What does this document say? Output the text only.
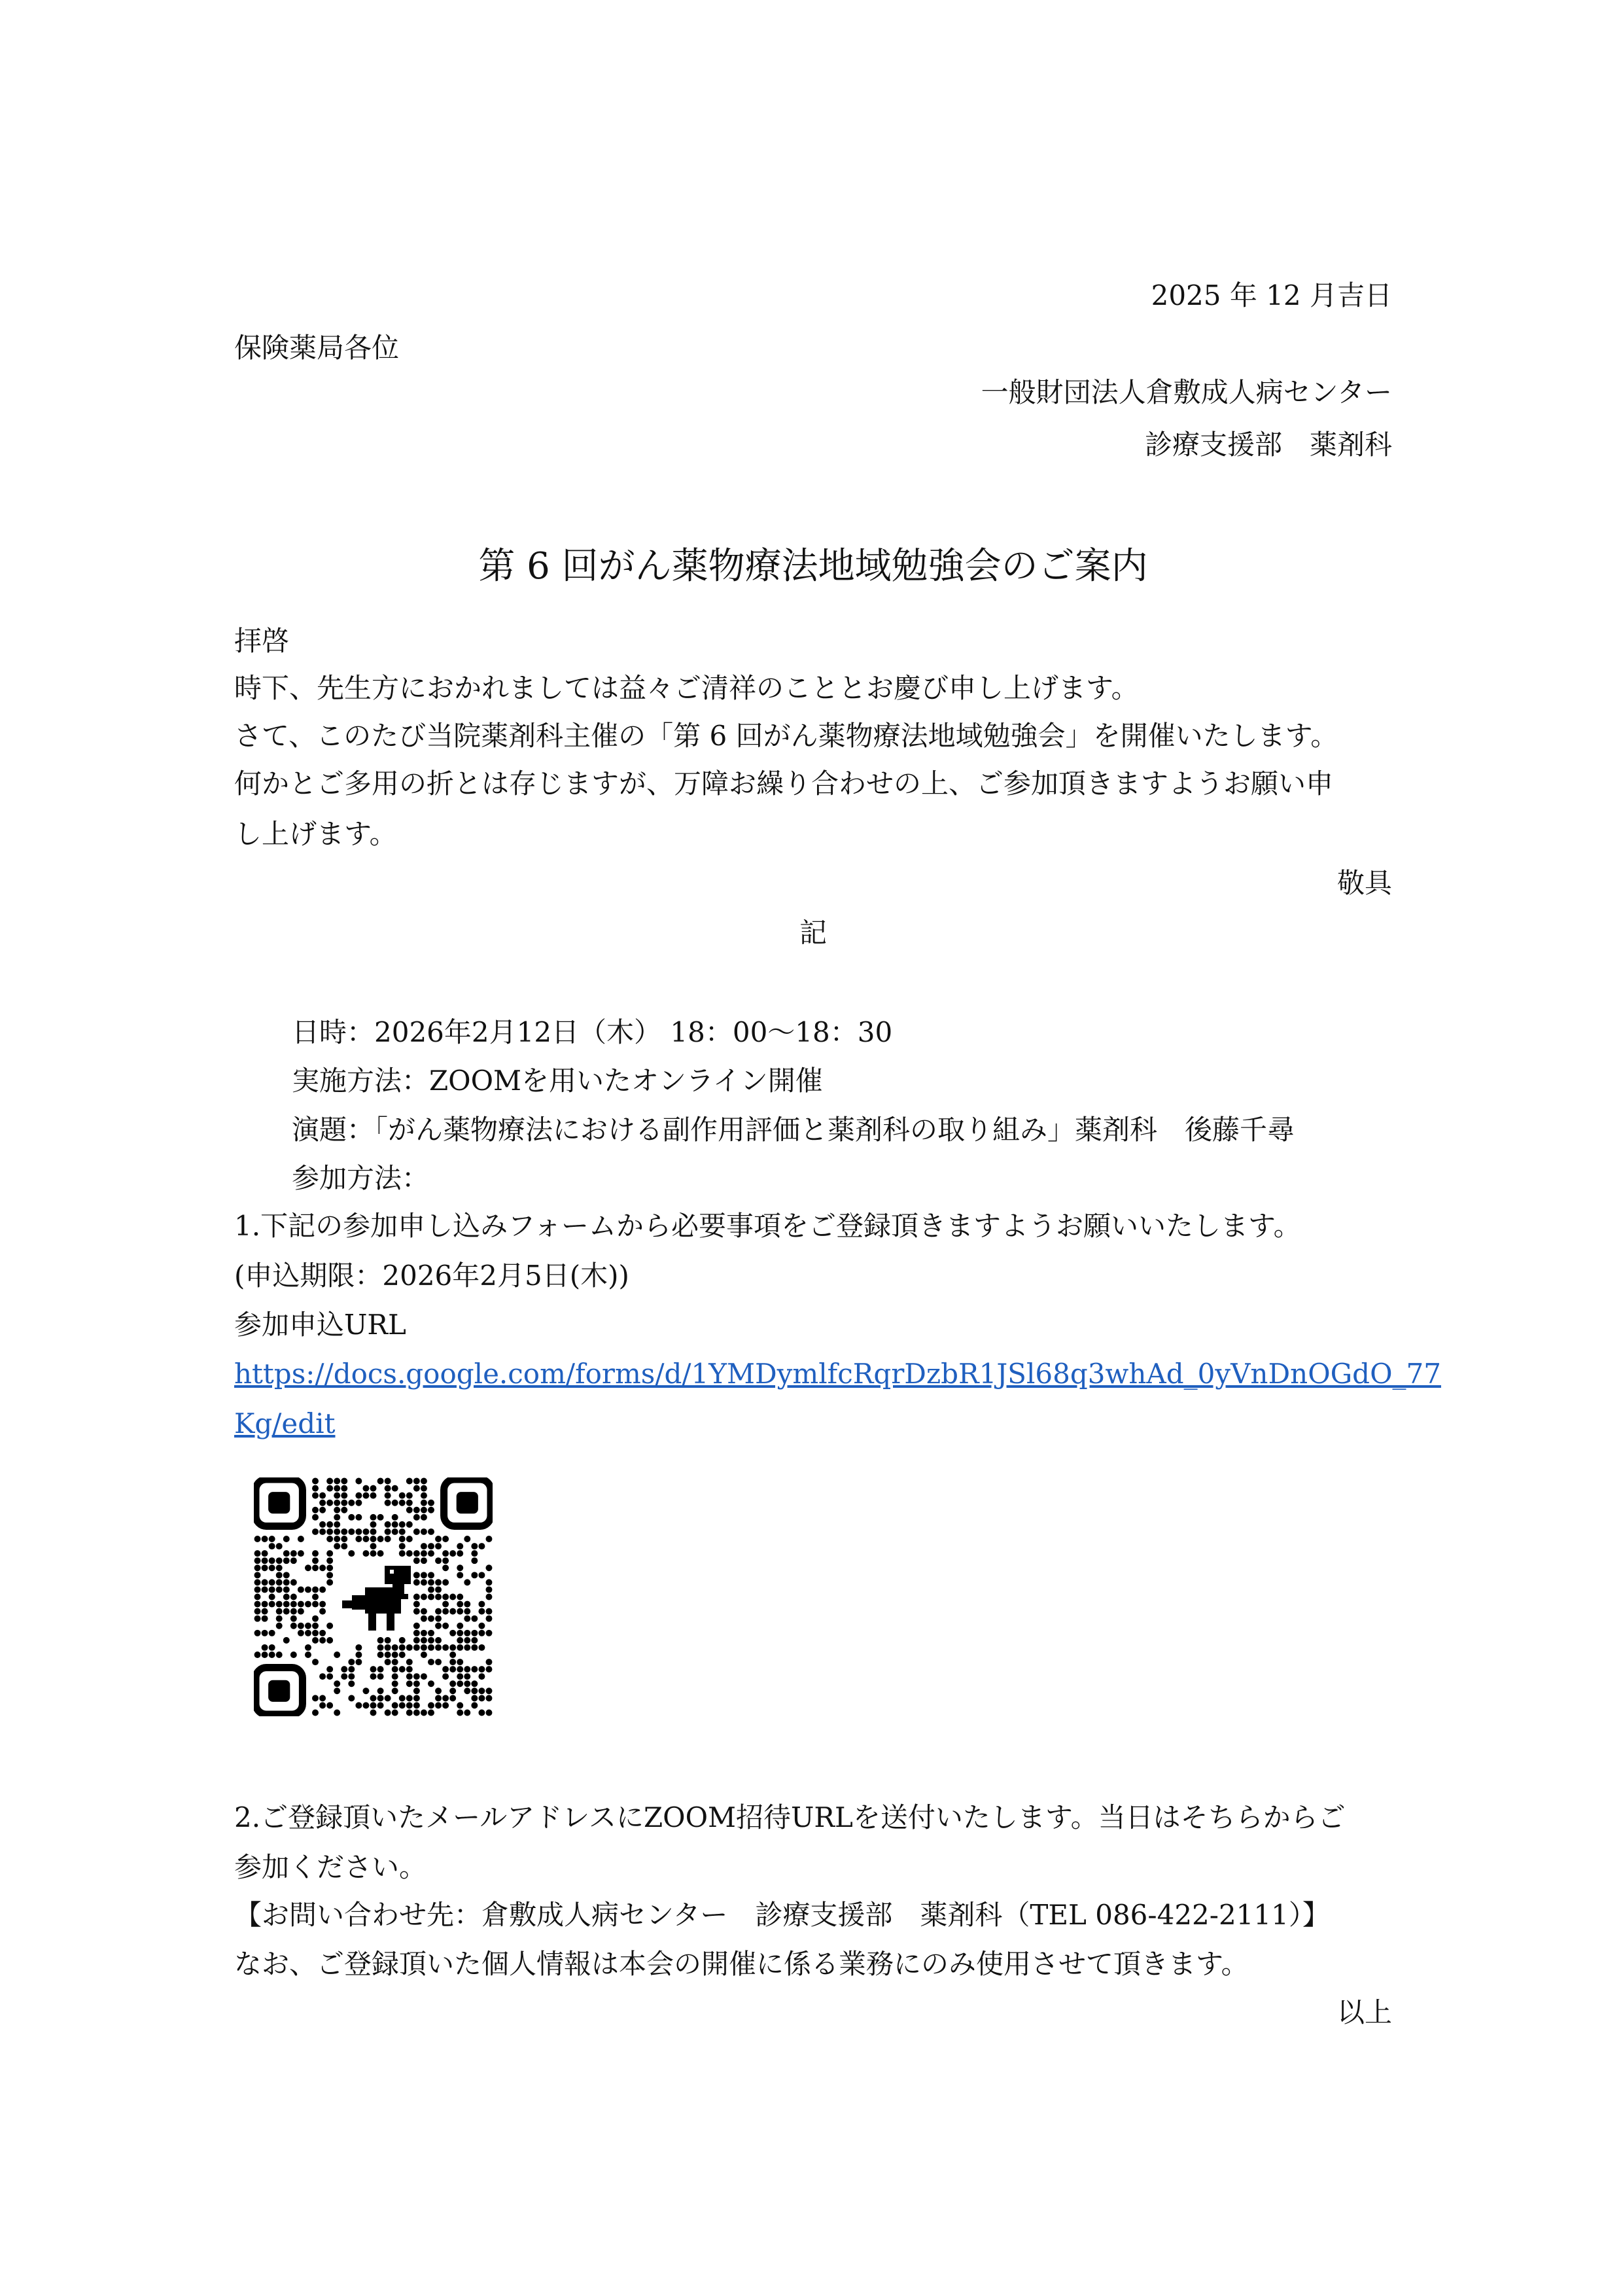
2025 年 12 月吉日
保険薬局各位
一般財団法人倉敷成人病センター
診療支援部　薬剤科
第 6 回がん薬物療法地域勉強会のご案内
拝啓
時下、先生方におかれましては益々ご清祥のこととお慶び申し上げます。
さて、このたび当院薬剤科主催の「第 6 回がん薬物療法地域勉強会」を開催いたします。
何かとご多用の折とは存じますが、万障お繰り合わせの上、ご参加頂きますようお願い申
し上げます。
敬具
記
日時：2026年2月12日（木） 18：00〜18：30
実施方法：ZOOMを用いたオンライン開催
演題：「がん薬物療法における副作用評価と薬剤科の取り組み」薬剤科　後藤千尋
参加方法：
1.下記の参加申し込みフォームから必要事項をご登録頂きますようお願いいたします。
(申込期限：2026年2月5日(木))
参加申込URL
https://docs.google.com/forms/d/1YMDymlfcRqrDzbR1JSl68q3whAd_0yVnDnOGdO_77
Kg/edit
2.ご登録頂いたメールアドレスにZOOM招待URLを送付いたします。当日はそちらからご
参加ください。
【お問い合わせ先：倉敷成人病センター　診療支援部　薬剤科（TEL 086-422-2111）】
なお、ご登録頂いた個人情報は本会の開催に係る業務にのみ使用させて頂きます。
以上
